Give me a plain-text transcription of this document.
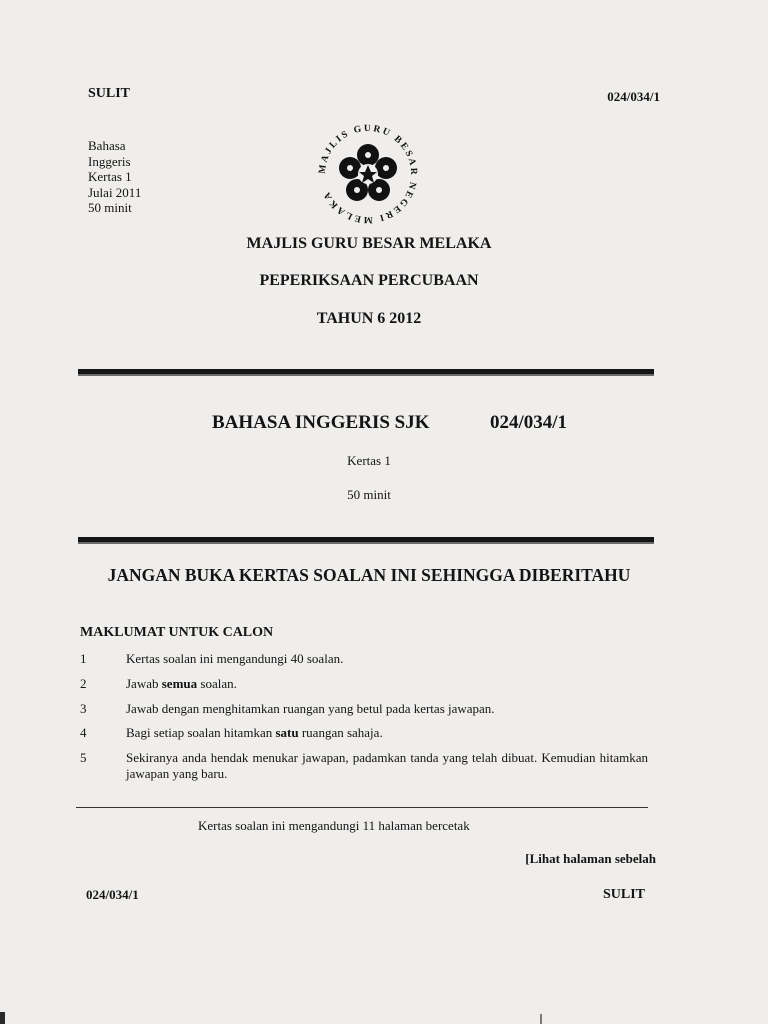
SULIT	024/034/1
Bahasa
Inggeris
Kertas 1
Julai 2011
50 minit
MAJLIS GURU BESAR NEGERI MELAKA
MAJLIS GURU BESAR MELAKA
PEPERIKSAAN PERCUBAAN
TAHUN 6 2012
BAHASA INGGERIS SJK	024/034/1
Kertas 1
50 minit
JANGAN BUKA KERTAS SOALAN INI SEHINGGA DIBERITAHU
MAKLUMAT UNTUK CALON
1	Kertas soalan ini mengandungi 40 soalan.
2	Jawab semua soalan.
3	Jawab dengan menghitamkan ruangan yang betul pada kertas jawapan.
4	Bagi setiap soalan hitamkan satu ruangan sahaja.
5	Sekiranya anda hendak menukar jawapan, padamkan tanda yang telah dibuat. Kemudian hitamkan jawapan yang baru.
Kertas soalan ini mengandungi 11 halaman bercetak
[Lihat halaman sebelah
024/034/1	SULIT
